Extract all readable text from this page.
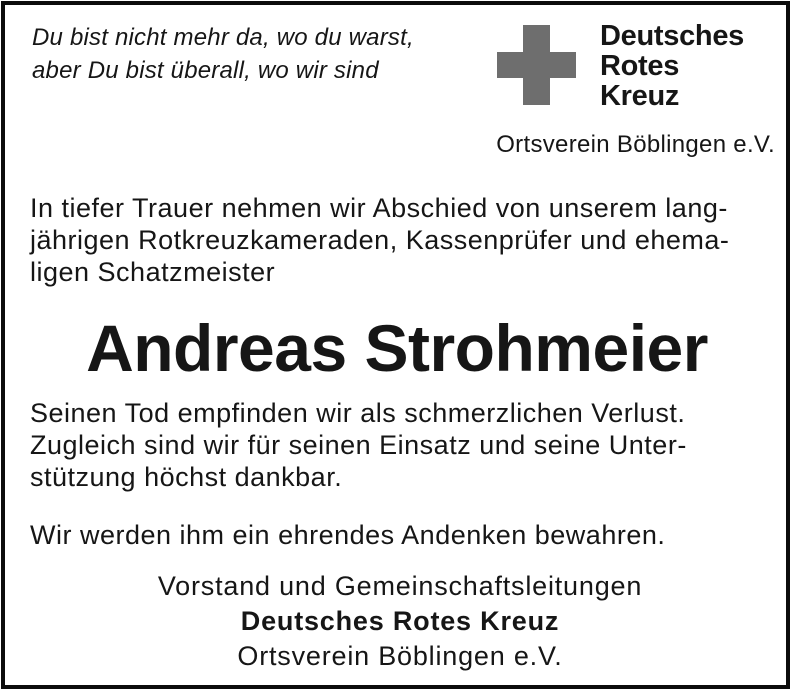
Du bist nicht mehr da, wo du warst,
aber Du bist überall, wo wir sind
Deutsches
Rotes
Kreuz
Ortsverein Böblingen e.V.
In tiefer Trauer nehmen wir Abschied von unserem lang-
jährigen Rotkreuzkameraden, Kassenprüfer und ehema-
ligen Schatzmeister
Andreas Strohmeier
Seinen Tod empfinden wir als schmerzlichen Verlust.
Zugleich sind wir für seinen Einsatz und seine Unter-
stützung höchst dankbar.
Wir werden ihm ein ehrendes Andenken bewahren.
Vorstand und Gemeinschaftsleitungen
Deutsches Rotes Kreuz
Ortsverein Böblingen e.V.
